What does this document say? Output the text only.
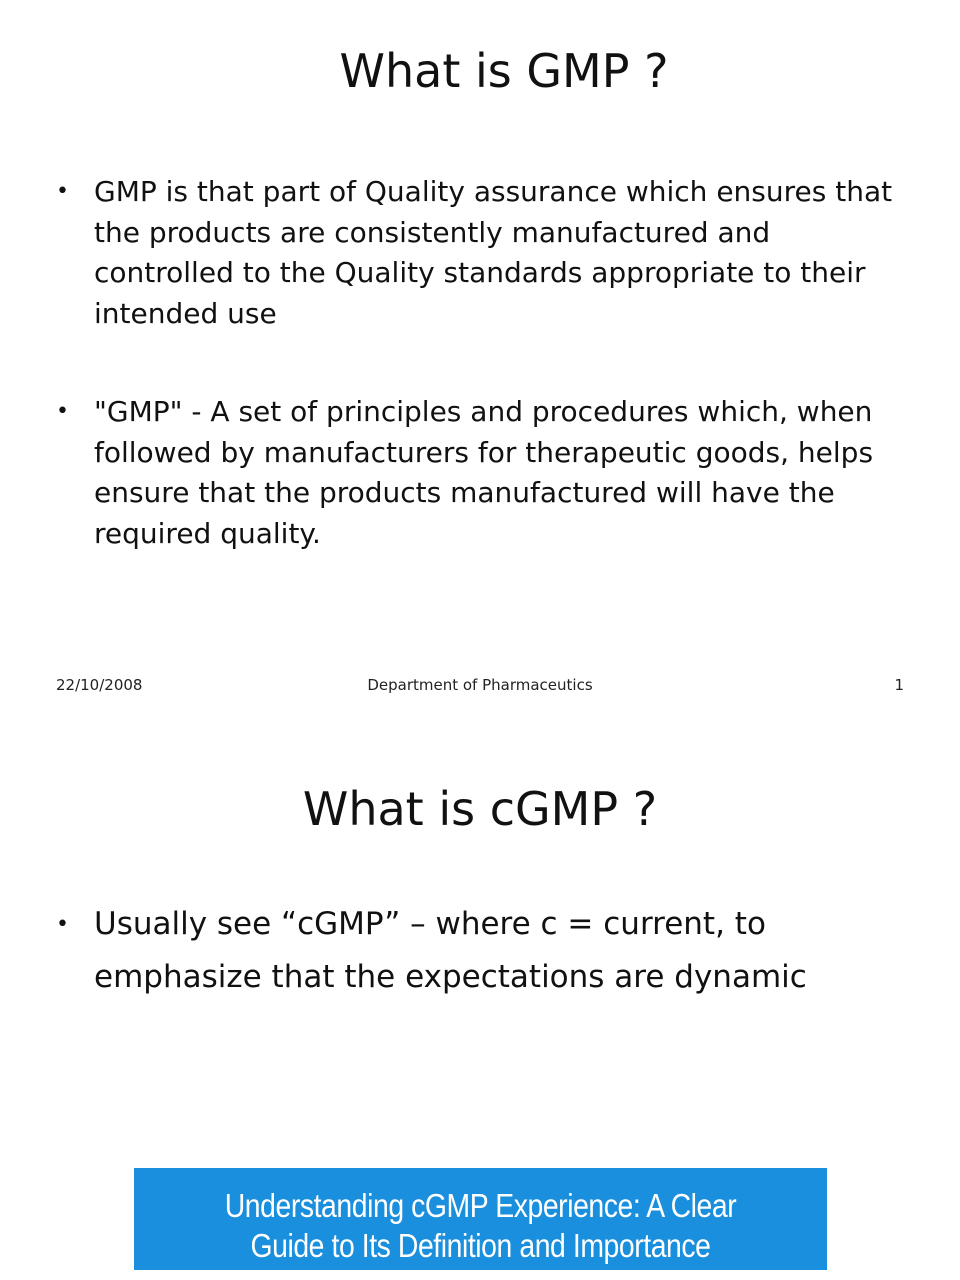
What is GMP ?
• GMP is that part of Quality assurance which ensures that the products are consistently manufactured and controlled to the Quality standards appropriate to their intended use
• "GMP" - A set of principles and procedures which, when followed by manufacturers for therapeutic goods, helps ensure that the products manufactured will have the required quality.
Department of Pharmaceutics
22/10/2008	1
What is cGMP ?
• Usually see “cGMP” – where c = current, to emphasize that the expectations are dynamic
Understanding cGMP Experience: A Clear
Guide to Its Definition and Importance
